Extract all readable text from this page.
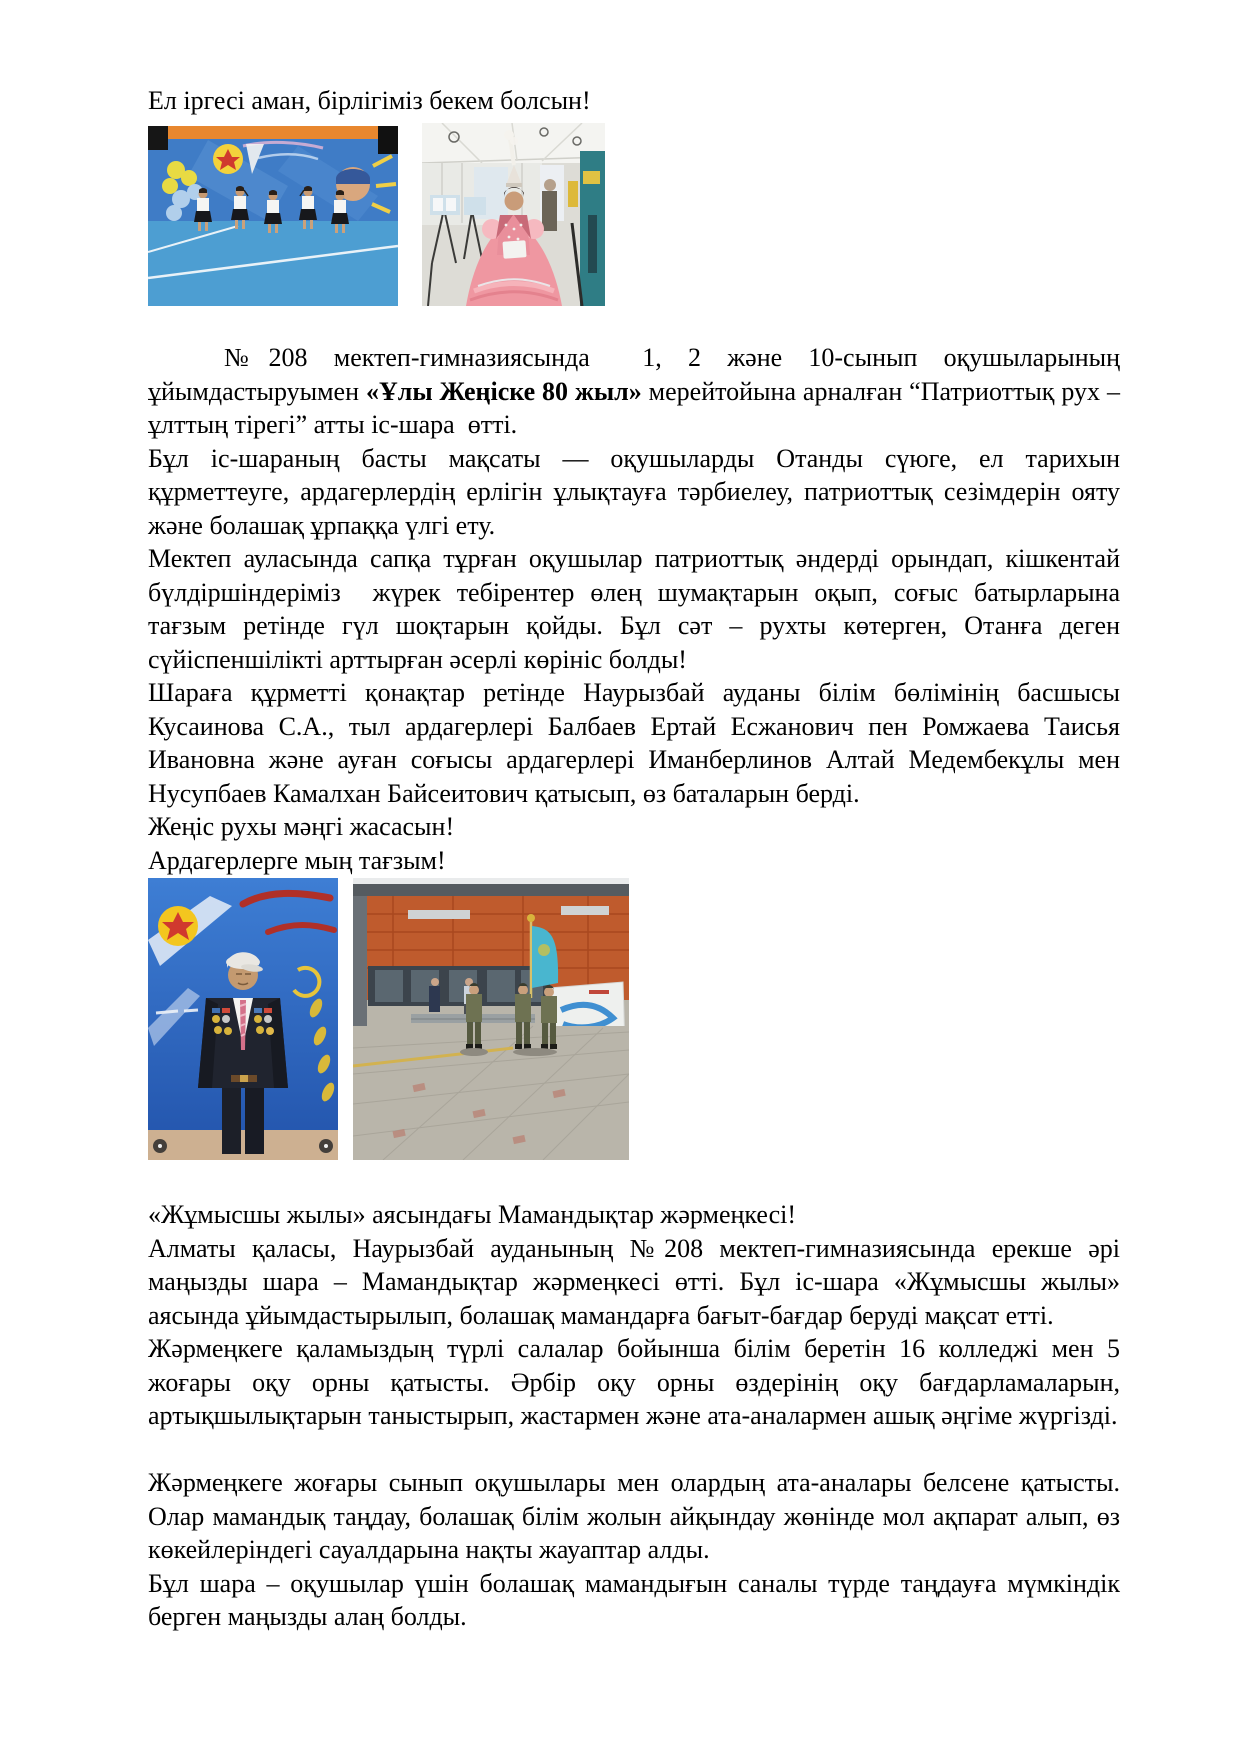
Ел іргесі аман, бірлігіміз бекем болсын!

№208 мектеп-гимназиясында  1, 2 және 10-сынып оқушыларының ұйымдастыруымен «Ұлы Жеңіске 80 жыл» мерейтойына арналған “Патриоттық рух – ұлттың тірегі” атты іс-шара  өтті.

Бұл іс-шараның басты мақсаты — оқушыларды Отанды сүюге, ел тарихын құрметтеуге, ардагерлердің ерлігін ұлықтауға тәрбиелеу, патриоттық сезімдерін ояту және болашақ ұрпаққа үлгі ету.

Мектеп ауласында сапқа тұрған оқушылар патриоттық әндерді орындап, кішкентай бүлдіршіндеріміз  жүрек тебірентер өлең шумақтарын оқып, соғыс батырларына тағзым ретінде гүл шоқтарын қойды. Бұл сәт – рухты көтерген, Отанға деген сүйіспеншілікті арттырған әсерлі көрініс болды!

Шараға құрметті қонақтар ретінде Наурызбай ауданы білім бөлімінің басшысы Кусаинова С.А., тыл ардагерлері Балбаев Ертай Есжанович пен Ромжаева Таисья Ивановна және ауған соғысы ардагерлері Иманберлинов Алтай Медембекұлы мен Нусупбаев Камалхан Байсеитович қатысып, өз баталарын берді.

Жеңіс рухы мәңгі жасасын!

Ардагерлерге мың тағзым!

«Жұмысшы жылы» аясындағы Мамандықтар жәрмеңкесі!

Алматы қаласы, Наурызбай ауданының №208 мектеп-гимназиясында ерекше әрі маңызды шара – Мамандықтар жәрмеңкесі өтті. Бұл іс-шара «Жұмысшы жылы» аясында ұйымдастырылып, болашақ мамандарға бағыт-бағдар беруді мақсат етті.

Жәрмеңкеге қаламыздың түрлі салалар бойынша білім беретін 16 колледжі мен 5 жоғары оқу орны қатысты. Әрбір оқу орны өздерінің оқу бағдарламаларын, артықшылықтарын таныстырып, жастармен және ата-аналармен ашық әңгіме жүргізді.

Жәрмеңкеге жоғары сынып оқушылары мен олардың ата-аналары белсене қатысты. Олар мамандық таңдау, болашақ білім жолын айқындау жөнінде мол ақпарат алып, өз көкейлеріндегі сауалдарына нақты жауаптар алды.

Бұл шара – оқушылар үшін болашақ мамандығын саналы түрде таңдауға мүмкіндік берген маңызды алаң болды.
